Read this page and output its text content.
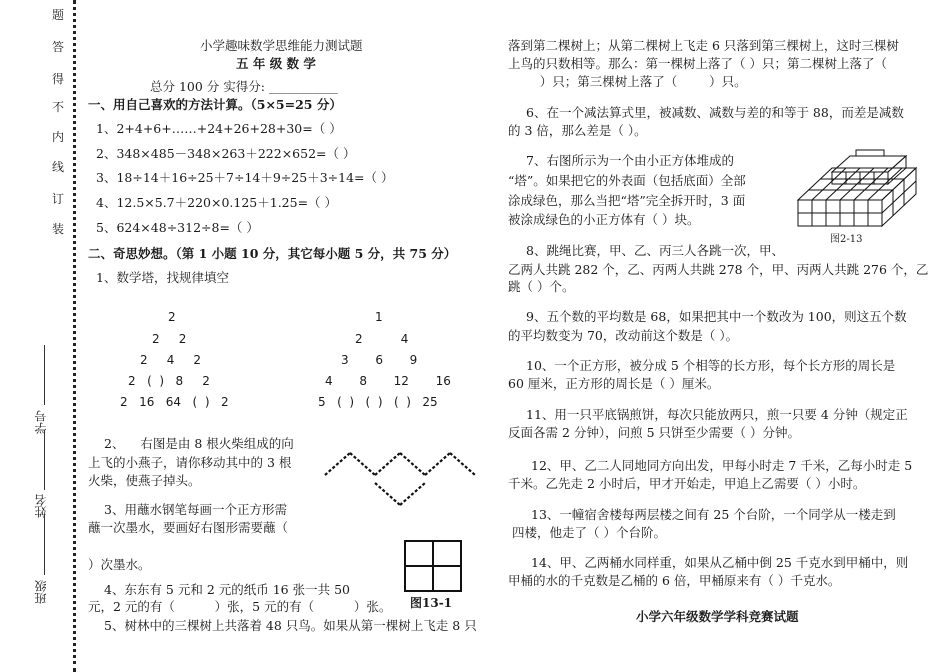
题
答
得
不
内
线
订
装
学号
姓名
班级
小学趣味数学思维能力测试题
五 年 级 数 学
总分 100 分 实得分: ___________
一、用自己喜欢的方法计算。（5×5=25 分）
1、2+4+6+……+24+26+28+30=（ ）
2、348×485－348×263＋222×652=（ ）
3、18÷14＋16÷25＋7÷14＋9÷25＋3÷14=（ ）
4、12.5×5.7＋220×0.125＋1.25=（ ）
5、624×48÷312÷8=（ ）
二、奇思妙想。（第 1 小题 10 分，其它每小题 5 分，共 75 分）
1、数学塔，找规律填空
2
2     2
2     4     2
2   (  )   8     2
2   16   64   (  )   2
1
2          4
3       6       9
4       8       12       16
5   (  )   (  )   (  )   25
2、    右图是由 8 根火柴组成的向
上飞的小燕子，请你移动其中的 3 根
火柴，使燕子掉头。
3、用蘸水钢笔每画一个正方形需
蘸一次墨水，要画好右图形需要蘸（
）次墨水。
图13-1
4、东东有 5 元和 2 元的纸币 16 张一共 50
元，2 元的有（          ）张，5 元的有（          ）张。
5、树林中的三棵树上共落着 48 只鸟。如果从第一棵树上飞走 8 只
落到第二棵树上；从第二棵树上飞走 6 只落到第三棵树上，这时三棵树
上鸟的只数相等。那么：第一棵树上落了（ ）只；第二棵树上落了（
）只；第三棵树上落了（        ）只。
6、在一个减法算式里，被减数、减数与差的和等于 88，而差是减数
的 3 倍，那么差是（ ）。
7、右图所示为一个由小正方体堆成的
“塔”。如果把它的外表面（包括底面）全部
涂成绿色，那么当把“塔”完全拆开时，3 面
被涂成绿色的小正方体有（ ）块。
图2-13
8、跳绳比赛，甲、乙、丙三人各跳一次，甲、
乙两人共跳 282 个，乙、丙两人共跳 278 个，甲、丙两人共跳 276 个，乙
跳（ ）个。
9、五个数的平均数是 68，如果把其中一个数改为 100，则这五个数
的平均数变为 70，改动前这个数是（ ）。
10、一个正方形，被分成 5 个相等的长方形，每个长方形的周长是
60 厘米，正方形的周长是（ ）厘米。
11、用一只平底锅煎饼，每次只能放两只，煎一只要 4 分钟（规定正
反面各需 2 分钟），问煎 5 只饼至少需要（ ）分钟。
12、甲、乙二人同地同方向出发，甲每小时走 7 千米，乙每小时走 5
千米。乙先走 2 小时后，甲才开始走，甲追上乙需要（ ）小时。
13、一幢宿舍楼每两层楼之间有 25 个台阶，一个同学从一楼走到
四楼，他走了（ ）个台阶。
14、甲、乙两桶水同样重，如果从乙桶中倒 25 千克水到甲桶中，则
甲桶的水的千克数是乙桶的 6 倍，甲桶原来有（ ）千克水。
小学六年级数学学科竞赛试题
